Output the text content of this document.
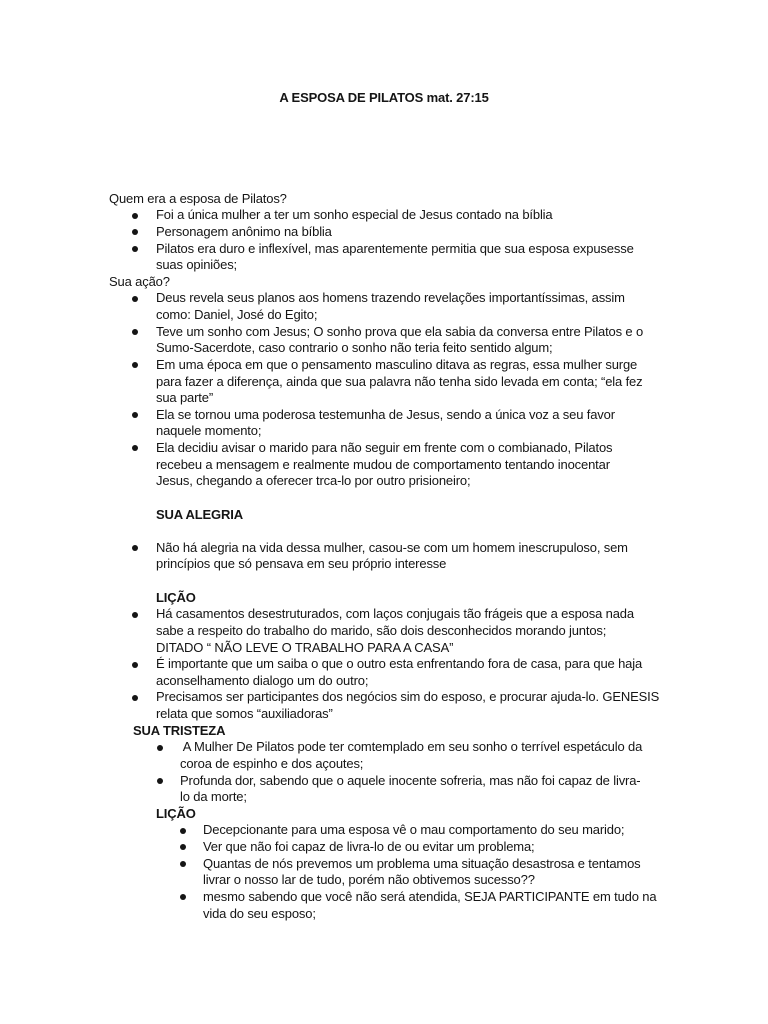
A ESPOSA DE PILATOS mat. 27:15
Quem era a esposa de Pilatos?
Foi a única mulher a ter um sonho especial de Jesus contado na bíblia
Personagem anônimo na bíblia
Pilatos era duro e inflexível, mas aparentemente permitia que sua esposa expusesse
suas opiniões;
Sua ação?
Deus revela seus planos aos homens trazendo revelações importantíssimas, assim
como: Daniel, José do Egito;
Teve um sonho com Jesus; O sonho prova que ela sabia da conversa entre Pilatos e o
Sumo-Sacerdote, caso contrario o sonho não teria feito sentido algum;
Em uma época em que o pensamento masculino ditava as regras, essa mulher surge
para fazer a diferença, ainda que sua palavra não tenha sido levada em conta; “ela fez
sua parte”
Ela se tornou uma poderosa testemunha de Jesus, sendo a única voz a seu favor
naquele momento;
Ela decidiu avisar o marido para não seguir em frente com o combianado, Pilatos
recebeu a mensagem e realmente mudou de comportamento tentando inocentar
Jesus, chegando a oferecer trca-lo por outro prisioneiro;
SUA ALEGRIA
Não há alegria na vida dessa mulher, casou-se com um homem inescrupuloso, sem
princípios que só pensava em seu próprio interesse
LIÇÃO
Há casamentos desestruturados, com laços conjugais tão frágeis que a esposa nada
sabe a respeito do trabalho do marido, são dois desconhecidos morando juntos;
DITADO “ NÃO LEVE O TRABALHO PARA A CASA”
É importante que um saiba o que o outro esta enfrentando fora de casa, para que haja
aconselhamento dialogo um do outro;
Precisamos ser participantes dos negócios sim do esposo, e procurar ajuda-lo. GENESIS
relata que somos “auxiliadoras”
SUA TRISTEZA
A Mulher De Pilatos pode ter comtemplado em seu sonho o terrível espetáculo da
coroa de espinho e dos açoutes;
Profunda dor, sabendo que o aquele inocente sofreria, mas não foi capaz de livra-
lo da morte;
LIÇÃO
Decepcionante para uma esposa vê o mau comportamento do seu marido;
Ver que não foi capaz de livra-lo de ou evitar um problema;
Quantas de nós prevemos um problema uma situação desastrosa e tentamos
livrar o nosso lar de tudo, porém não obtivemos sucesso??
mesmo sabendo que você não será atendida, SEJA PARTICIPANTE em tudo na
vida do seu esposo;
